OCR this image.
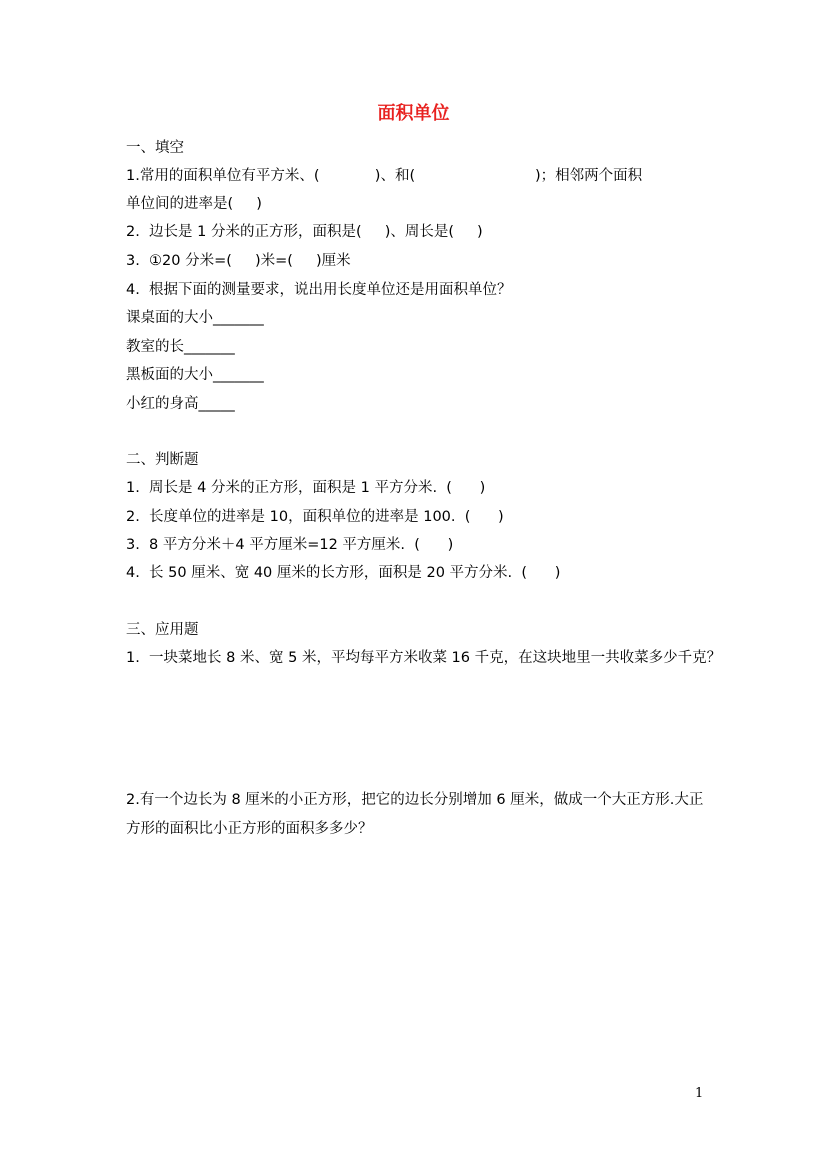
面积单位
一、填空
1.常用的面积单位有平方米、(            )、和(                          )；相邻两个面积
单位间的进率是(     )
2.  边长是 1 分米的正方形，面积是(     )、周长是(     )
3.  ①20 分米=(     )米=(     )厘米
4.  根据下面的测量要求，说出用长度单位还是用面积单位？
课桌面的大小_______
教室的长_______
黑板面的大小_______
小红的身高_____
二、判断题
1.  周长是 4 分米的正方形，面积是 1 平方分米.  (      )
2.  长度单位的进率是 10，面积单位的进率是 100.  (      )
3.  8 平方分米＋4 平方厘米=12 平方厘米.  (      )
4.  长 50 厘米、宽 40 厘米的长方形，面积是 20 平方分米.  (      )
三、应用题
1.  一块菜地长 8 米、宽 5 米，平均每平方米收菜 16 千克，在这块地里一共收菜多少千克？
2.有一个边长为 8 厘米的小正方形，把它的边长分别增加 6 厘米，做成一个大正方形.大正
方形的面积比小正方形的面积多多少？
1
